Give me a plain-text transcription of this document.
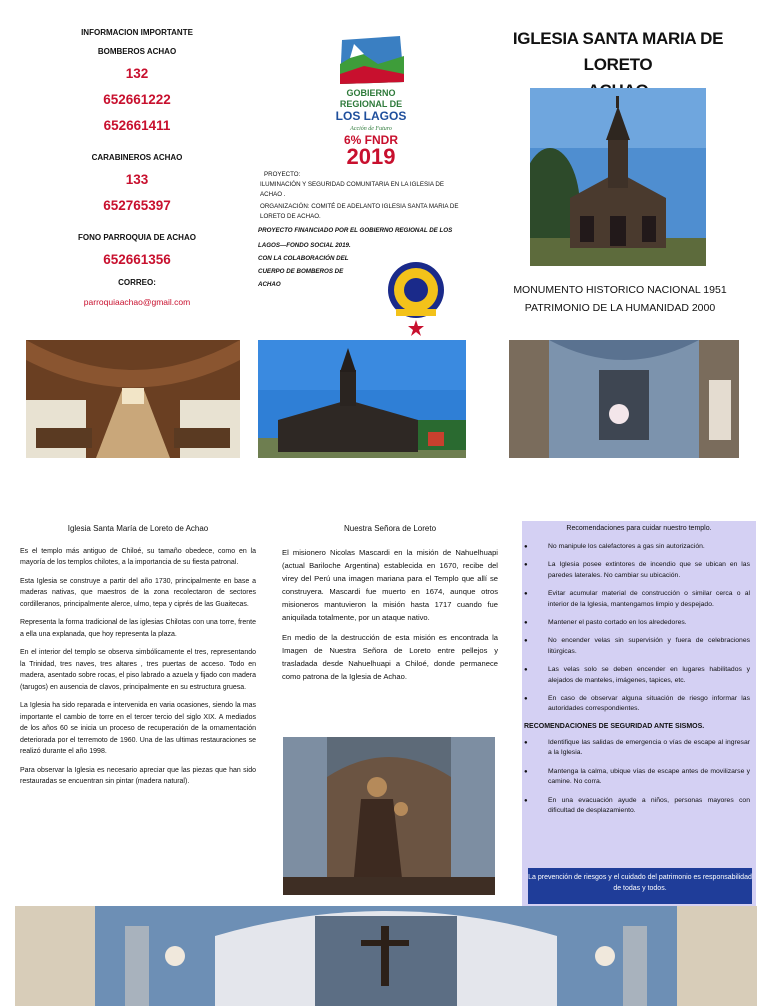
INFORMACION IMPORTANTE
BOMBEROS ACHAO
132
652661222
652661411
CARABINEROS ACHAO
133
652765397
FONO PARROQUIA DE ACHAO
652661356
CORREO:
parroquiaachao@gmail.com
GOBIERNO
REGIONAL DE
LOS LAGOS
Acción de Futuro
6% FNDR
2019
PROYECTO:
ILUMINACIÓN Y SEGURIDAD COMUNITARIA EN LA IGLESIA DE ACHAO .
ORGANIZACIÓN: COMITÉ DE ADELANTO IGLESIA SANTA MARIA DE LORETO DE ACHAO.
PROYECTO FINANCIADO POR EL GOBIERNO REGIONAL DE LOS
LAGOS—FONDO SOCIAL 2019.
CON LA COLABORACIÓN DEL
CUERPO DE BOMBEROS DE
ACHAO
IGLESIA SANTA MARIA DE LORETO
MONUMENTO HISTORICO NACIONAL 1951
PATRIMONIO DE LA HUMANIDAD 2000
Iglesia Santa María de Loreto de Achao

Es el templo más antiguo de Chiloé, su tamaño obedece, como en la mayoría de los templos chilotes, a la importancia de su fiesta patronal.

Esta Iglesia se construye a partir del año 1730, principalmente en base a maderas nativas, que maestros de la zona recolectaron de sectores cordilleranos, principalmente alerce, ulmo, tepa y ciprés de las Guaitecas.

Representa la forma tradicional de las iglesias Chilotas con una torre, frente a ella una explanada, que hoy representa la plaza.

En el interior del templo se observa simbólicamente el tres, representando la Trinidad, tres naves, tres altares , tres puertas de acceso. Todo en madera, asentado sobre rocas, el piso labrado a azuela y fijado con madera (tarugos) en ausencia de clavos, principalmente en su estructura gruesa.

La Iglesia ha sido reparada e intervenida en varia ocasiones, siendo la mas importante el cambio de torre en el tercer tercio del siglo XIX. A mediados de los años 60 se inicia un proceso de recuperación de la ornamentación deteriorada por el terremoto de 1960. Una de las ultimas restauraciones se realizó durante el año 1998.

Para observar la Iglesia es necesario apreciar que las piezas que han sido restauradas se encuentran sin pintar (madera natural).

Nuestra Señora de Loreto

El misionero Nicolas Mascardi en la misión de Nahuelhuapi (actual Bariloche Argentina) establecida en 1670, recibe del virey del Perú una imagen mariana para el Templo que allí se construyera. Mascardi fue muerto en 1674, aunque otros misioneros mantuvieron la misión hasta 1717 cuando fue aniquilada totalmente, por un ataque nativo.

En medio de la destrucción de esta misión es encontrada la Imagen de Nuestra Señora de Loreto entre pellejos y trasladada desde Nahuelhuapi a Chiloé, donde permanece como patrona de la Iglesia de Achao.

Recomendaciones para cuidar nuestro templo.
● No manipule los calefactores a gas sin autorización.
● La Iglesia posee extintores de incendio que se ubican en las paredes laterales. No cambiar su ubicación.
● Evitar acumular material de construcción o similar cerca o al interior de la Iglesia, mantengamos limpio y despejado.
● Mantener el pasto cortado en los alrededores.
● No encender velas sin supervisión y fuera de celebraciones litúrgicas.
● Las velas solo se deben encender en lugares habilitados y alejados de manteles, imágenes, tapices, etc.
● En caso de observar alguna situación de riesgo informar las autoridades correspondientes.
RECOMENDACIONES DE SEGURIDAD ANTE SISMOS.
● Identifique las salidas de emergencia o vías de escape al ingresar a la Iglesia.
● Mantenga la calma, ubique vías de escape antes de movilizarse y camine. No corra.
● En una evacuación ayude a niños, personas mayores con dificultad de desplazamiento.
La prevención de riesgos y el cuidado del patrimonio es responsabilidad de todas y todos.
